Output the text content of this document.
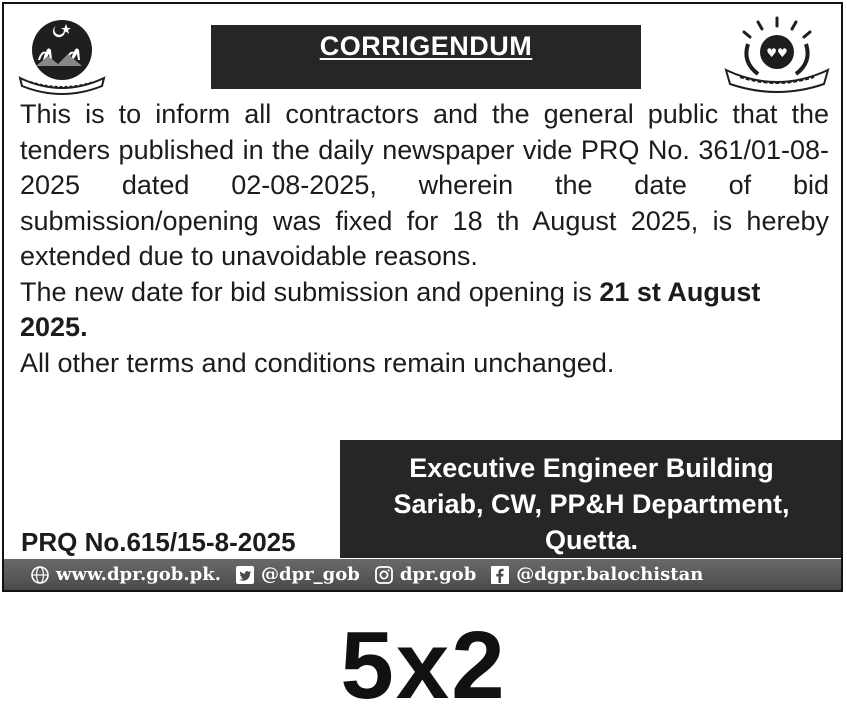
♥♥
CORRIGENDUM

This is to inform all contractors and the general public that the tenders published in the daily newspaper vide PRQ No. 361/01-08-2025 dated 02-08-2025, wherein the date of bid submission/opening was fixed for 18 th August 2025, is hereby extended due to unavoidable reasons.

The new date for bid submission and opening is 21 st August 2025.

All other terms and conditions remain unchanged.

Executive Engineer Building
Sariab, CW, PP&H Department,
Quetta.
PRQ No.615/15-8-2025
www.dpr.gob.pk. @dpr_gob dpr.gob @dgpr.balochistan
5x2
